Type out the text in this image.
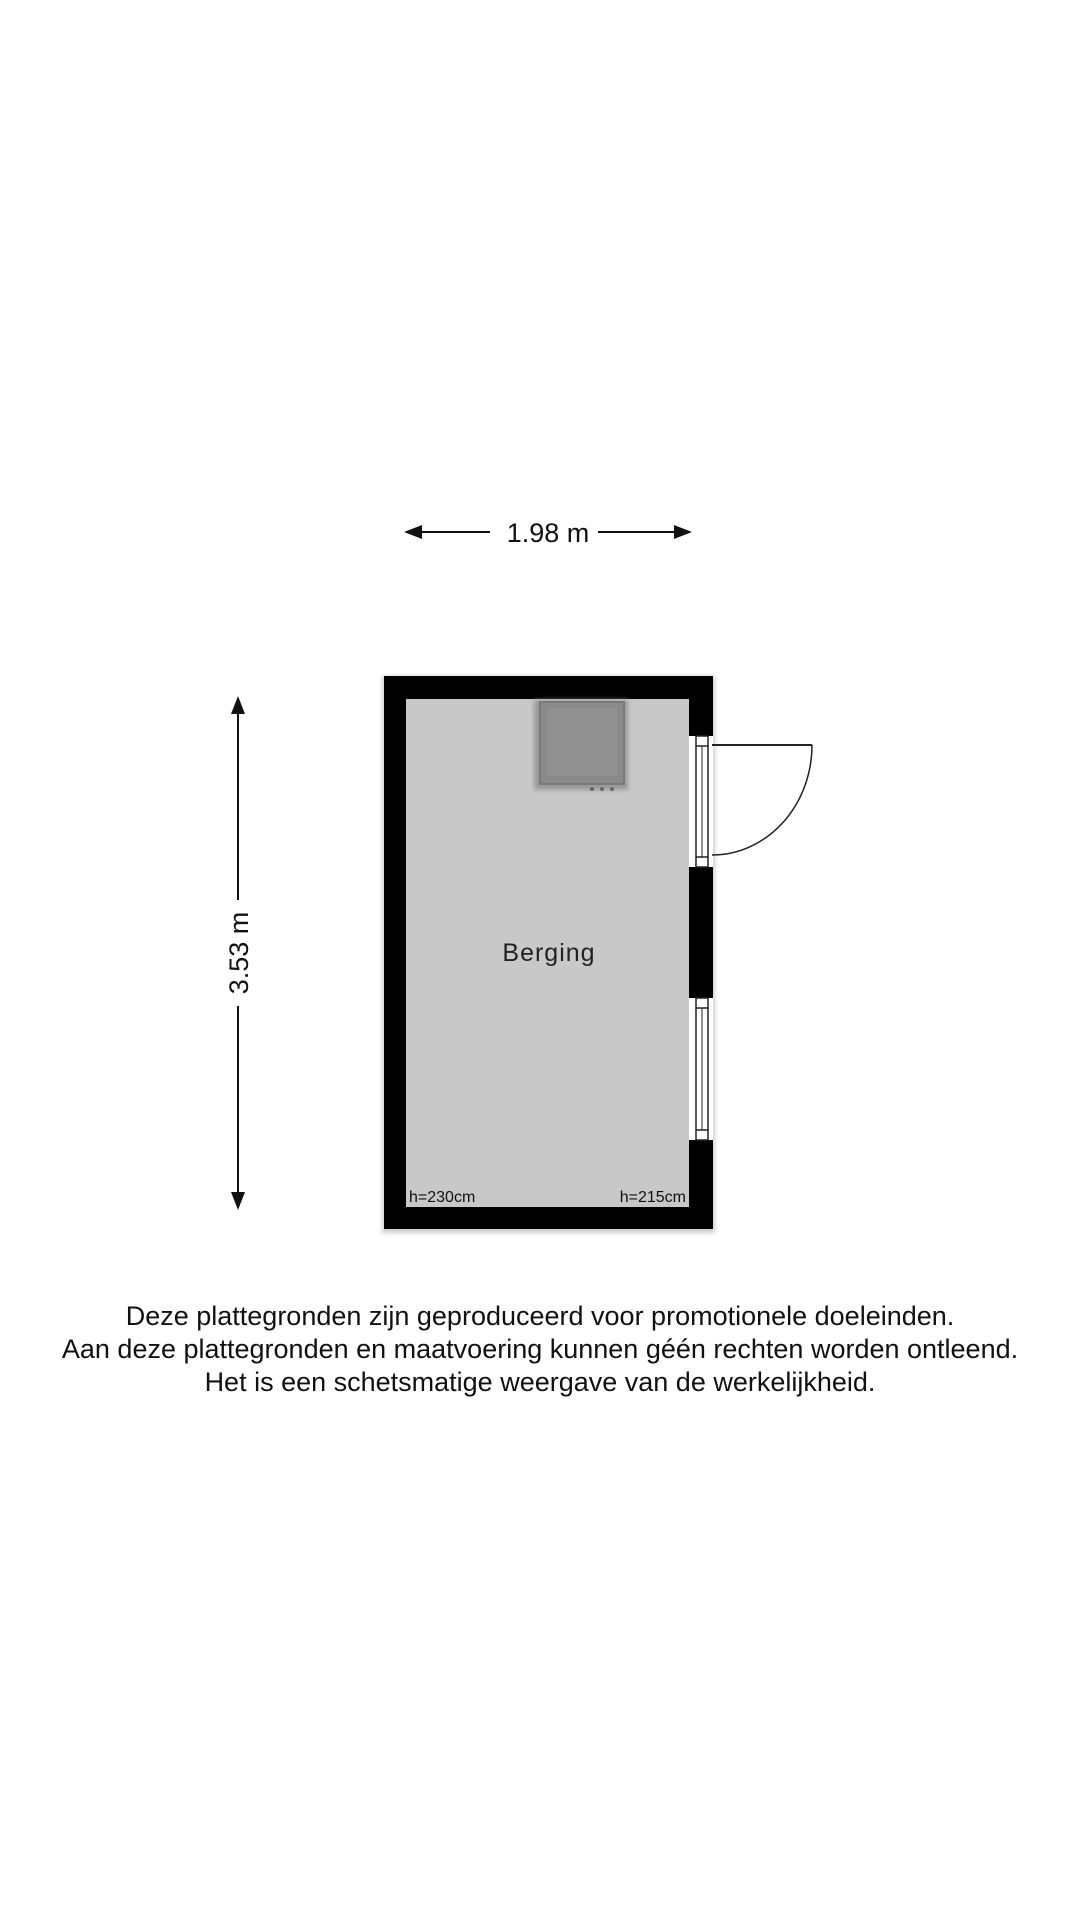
1.98 m
3.53 m	Berging
h=230cm	h=215cm
Deze plattegronden zijn geproduceerd voor promotionele doeleinden.
Aan deze plattegronden en maatvoering kunnen géén rechten worden ontleend.
Het is een schetsmatige weergave van de werkelijkheid.
